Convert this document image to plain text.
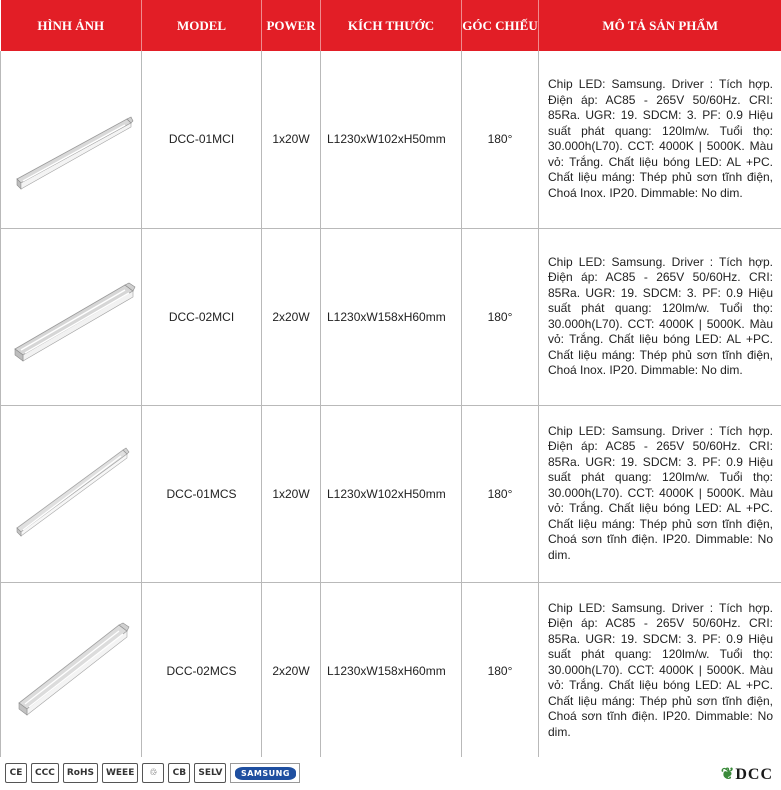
HÌNH ẢNH	MODEL	POWER	KÍCH THƯỚC	GÓC CHIẾU	MÔ TẢ SẢN PHẨM

	DCC-01MCI	1x20W	L1230xW102xH50mm	180°	Chip LED: Samsung. Driver : Tích hợp. Điện áp: AC85 - 265V 50/60Hz. CRI: 85Ra. UGR: 19. SDCM: 3. PF: 0.9 Hiệu suất phát quang: 120lm/w. Tuổi thọ: 30.000h(L70). CCT: 4000K | 5000K. Màu vỏ: Trắng. Chất liệu bóng LED: AL +PC. Chất liệu máng: Thép phủ sơn tĩnh điện, Choá Inox. IP20. Dimmable: No dim.

	DCC-02MCI	2x20W	L1230xW158xH60mm	180°	Chip LED: Samsung. Driver : Tích hợp. Điện áp: AC85 - 265V 50/60Hz. CRI: 85Ra. UGR: 19. SDCM: 3. PF: 0.9 Hiệu suất phát quang: 120lm/w. Tuổi thọ: 30.000h(L70). CCT: 4000K | 5000K. Màu vỏ: Trắng. Chất liệu bóng LED: AL +PC. Chất liệu máng: Thép phủ sơn tĩnh điện, Choá Inox. IP20. Dimmable: No dim.

	DCC-01MCS	1x20W	L1230xW102xH50mm	180°	Chip LED: Samsung. Driver : Tích hợp. Điện áp: AC85 - 265V 50/60Hz. CRI: 85Ra. UGR: 19. SDCM: 3. PF: 0.9 Hiệu suất phát quang: 120lm/w. Tuổi thọ: 30.000h(L70). CCT: 4000K | 5000K. Màu vỏ: Trắng. Chất liệu bóng LED: AL +PC. Chất liệu máng: Thép phủ sơn tĩnh điện, Choá sơn tĩnh điện. IP20. Dimmable: No dim.

	DCC-02MCS	2x20W	L1230xW158xH60mm	180°	Chip LED: Samsung. Driver : Tích hợp. Điện áp: AC85 - 265V 50/60Hz. CRI: 85Ra. UGR: 19. SDCM: 3. PF: 0.9 Hiệu suất phát quang: 120lm/w. Tuổi thọ: 30.000h(L70). CCT: 4000K | 5000K. Màu vỏ: Trắng. Chất liệu bóng LED: AL +PC. Chất liệu máng: Thép phủ sơn tĩnh điện, Choá sơn tĩnh điện. IP20. Dimmable: No dim.
CE	CCC	RoHS	WEEE	♲	CB	SELV	SAMSUNG	❦DCC
